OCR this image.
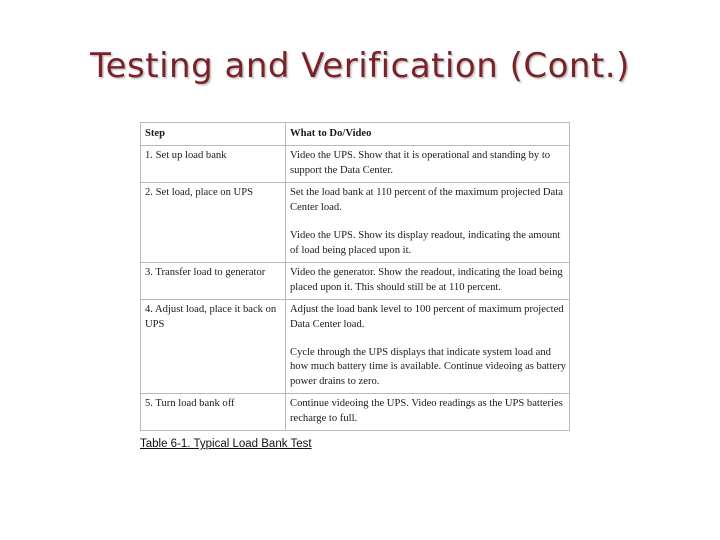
Testing and Verification (Cont.)
Step	What to Do/Video
1. Set up load bank	Video the UPS. Show that it is operational and standing by to support the Data Center.

2. Set load, place on UPS	Set the load bank at 110 percent of the maximum projected Data Center load.
Video the UPS. Show its display readout, indicating the amount of load being placed upon it.

3. Transfer load to generator	Video the generator. Show the readout, indicating the load being placed upon it. This should still be at 110 percent.

4. Adjust load, place it back on UPS	Adjust the load bank level to 100 percent of maximum projected Data Center load.
Cycle through the UPS displays that indicate system load and how much battery time is available. Continue videoing as battery power drains to zero.

5. Turn load bank off	Continue videoing the UPS. Video readings as the UPS batteries recharge to full.
Table 6-1. Typical Load Bank Test
